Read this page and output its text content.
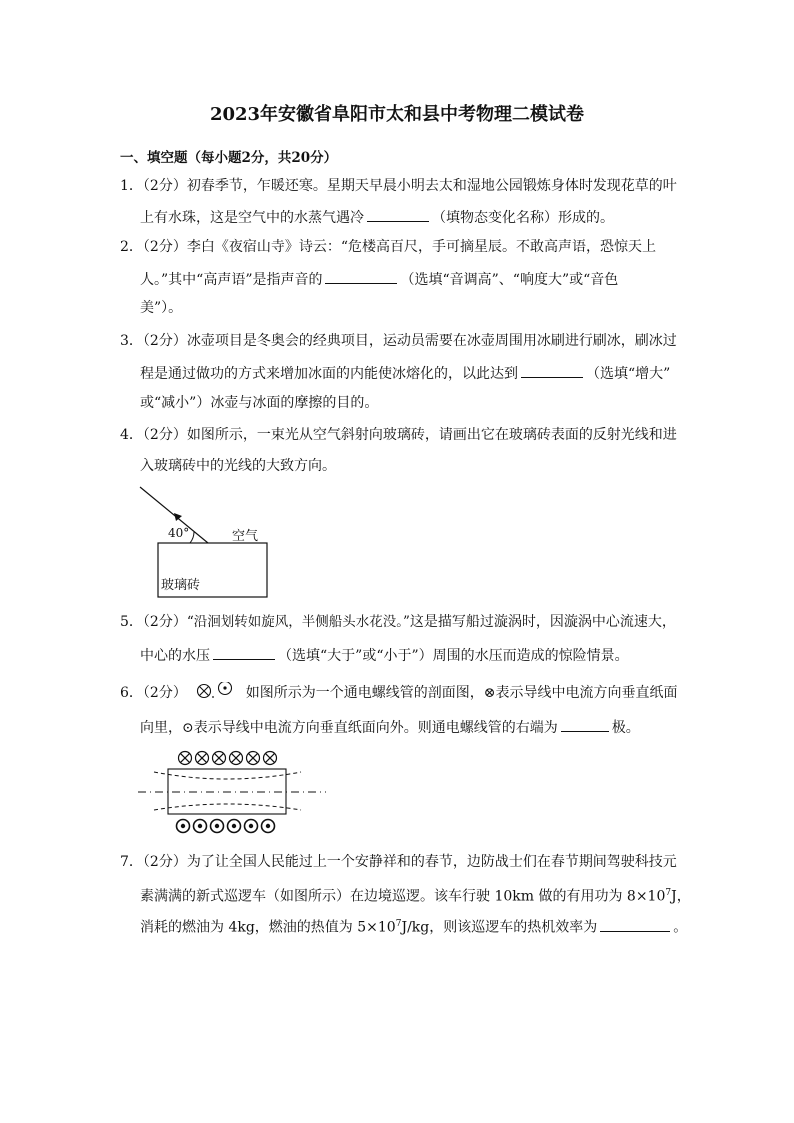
2023年安徽省阜阳市太和县中考物理二模试卷
一、填空题（每小题2分，共20分）
1．（2分）初春季节，乍暖还寒。星期天早晨小明去太和湿地公园锻炼身体时发现花草的叶
上有水珠，这是空气中的水蒸气遇冷	（填物态变化名称）形成的。
2．（2分）李白《夜宿山寺》诗云：“危楼高百尺，手可摘星辰。不敢高声语，恐惊天上
人。”其中“高声语”是指声音的	（选填“音调高”、“响度大”或“音色
美”）。
3．（2分）冰壶项目是冬奥会的经典项目，运动员需要在冰壶周围用冰刷进行刷冰，刷冰过
程是通过做功的方式来增加冰面的内能使冰熔化的，以此达到	（选填“增大”
或“减小”）冰壶与冰面的摩擦的目的。
4．（2分）如图所示，一束光从空气斜射向玻璃砖，请画出它在玻璃砖表面的反射光线和进
入玻璃砖中的光线的大致方向。
40°	空气
玻璃砖
5．（2分）“沿洄划转如旋风，半侧船头水花没。”这是描写船过漩涡时，因漩涡中心流速大，
中心的水压	（选填“大于”或“小于”）周围的水压而造成的惊险情景。
6．（2分）	如图所示为一个通电螺线管的剖面图，⊗表示导线中电流方向垂直纸面
向里，⊙表示导线中电流方向垂直纸面向外。则通电螺线管的右端为	极。
7．（2分）为了让全国人民能过上一个安静祥和的春节，边防战士们在春节期间驾驶科技元
素满满的新式巡逻车（如图所示）在边境巡逻。该车行驶 10km 做的有用功为 $8\times 10^7J$，
消耗的燃油为 4kg，燃油的热值为 $5\times 10^7J/kg$，则该巡逻车的热机效率为	。
